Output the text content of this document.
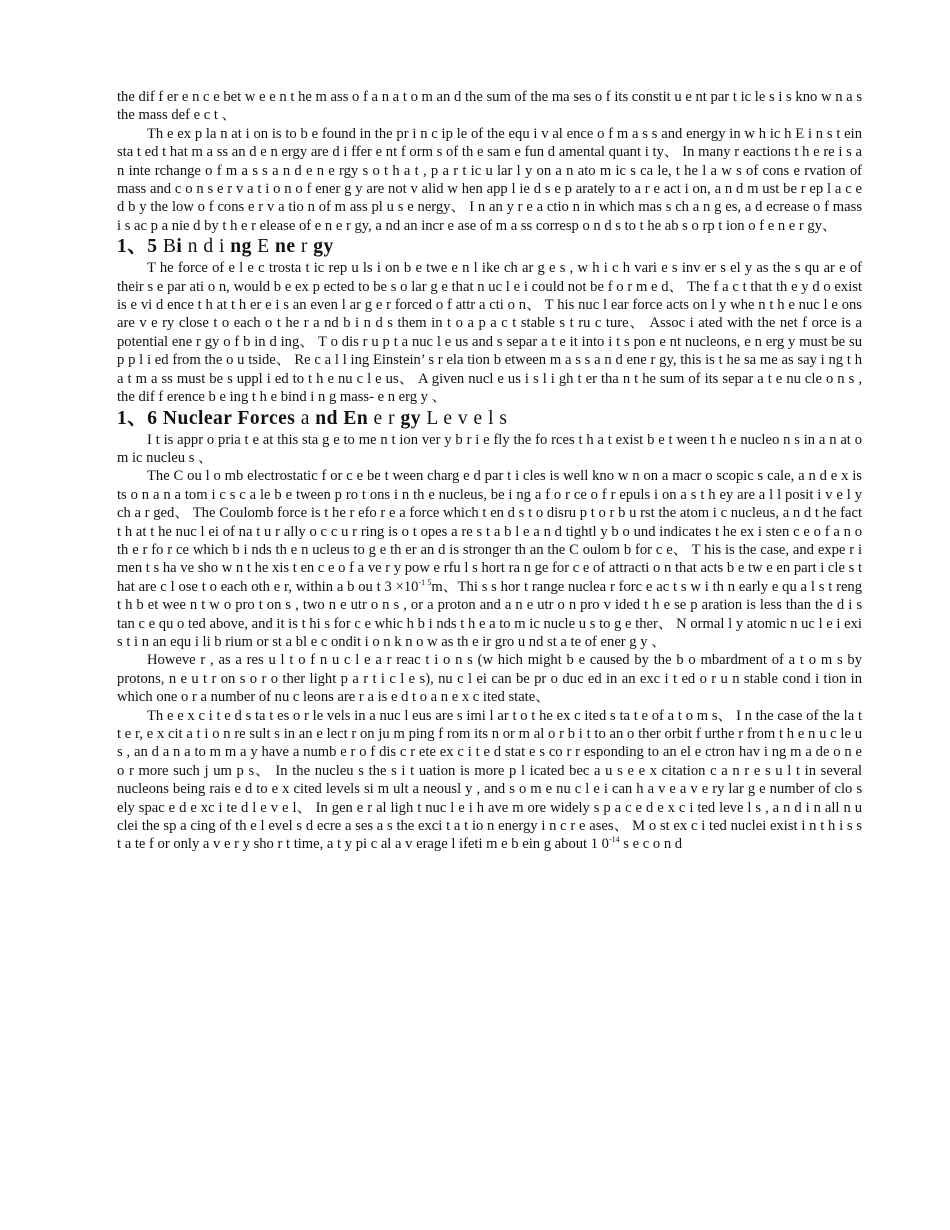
the dif f er e n c e bet w e e n t he m ass o f a n a t o m an d the sum of the ma ses o f its constit u e nt par t ic le s i s kno w n a s the mass def e c t 、

Th e ex p la n at i on is to b e found in the pr i n c ip le of the equ i v al ence o f m a s s and energy in w h ic h E i n s t ein sta t ed t hat m a ss an d e n ergy are d i ffer e nt f orm s of th e sam e fun d amental quant i ty、 In many r eactions t h e re i s a n inte rchange o f m a s s a n d e n e rgy s o t h a t , p a r t ic u lar l y on a n ato m ic s ca le, t he l a w s of cons e rvation of mass and c o n s e r v a t i o n o f ener g y are not v alid w hen app l ie d s e p arately to a r e act i on, a n d m ust be r ep l a c e d b y the low o f cons e r v a tio n of m ass pl u s e nergy、 I n an y r e a ctio n in which mas s ch a n g es, a d ecrease o f mass i s ac p a nie d by t h e r elease of e n e r gy, a nd an incr e ase of m a ss corresp o n d s to t he ab s o rp t ion o f e n e r gy、

1、5 Bi n d i ng E ne r gy

T he force of e l e c trosta t ic rep u ls i on b e twe e n l ike ch ar g e s , w h i c h vari e s inv er s el y as the s qu ar e of their s e par ati o n, would b e ex p ected to be s o lar g e that n uc l e i could not be f o r m e d、 The f a c t that th e y d o exist is e vi d ence t h at t h er e i s an even l ar g e r forced o f attr a cti o n、 T his nuc l ear force acts on l y whe n t h e nuc l e ons are v e ry close t o each o t he r a nd b i n d s them in t o a p a c t stable s t ru c ture、 Assoc i ated with the net f orce is a potential ene r gy o f b in d ing、 T o dis r u p t a nuc l e us and s separ a t e it into i t s pon e nt nucleons, e n erg y must be su p p l i ed from the o u tside、 Re c a l l ing Einstein’ s r ela tion b etween m a s s a n d ene r gy, this is t he sa me as say i ng t h a t m a ss must be s uppl i ed to t h e nu c l e us、 A given nucl e us i s l i gh t er tha n t he sum of its separ a t e nu cle o n s , the dif f erence b e ing t h e bind i n g mass- e n erg y 、

1、6 Nuclear Forces a nd En e r gy L e v e l s

I t is appr o pria t e at this sta g e to me n t ion ver y b r i e fly the fo rces t h a t exist b e t ween t h e nucleo n s in a n at o m ic nucleu s 、

The C ou l o mb electrostatic f or c e be t ween charg e d par t i cles is well kno w n on a macr o scopic s cale, a n d e x is ts o n a n a tom i c s c a le b e tween p ro t ons i n th e nucleus, be i ng a f o r ce o f r epuls i on a s t h ey are a l l posit i v e l y ch a r ged、 The Coulomb force is t he r efo r e a force which t en d s t o disru p t o r b u rst the atom i c nucleus, a n d t he fact t h at t he nuc l ei of na t u r ally o c c u r ring is o t opes a re s t a b l e a n d tightl y b o und indicates t he ex i sten c e o f a n o th e r fo r ce which b i nds th e n ucleus to g e th er an d is stronger th an the C oulom b for c e、 T his is the case, and expe r i men t s ha ve sho w n t he xis t en c e o f a ve r y pow e rfu l s hort ra n ge for c e of attracti o n that acts b e tw e en part i cle s t hat are c l ose t o each oth e r, within a b ou t $3 \times 10^{-1 5}m$、Thi s s hor t range nuclea r forc e ac t s w i th n early e qu a l s t reng t h b et wee n t w o pro t on s , two n e utr o n s , or a proton and a n e utr o n pro v ided t h e se p aration is less than the d i s tan c e qu o ted above, and it is t hi s for c e whic h b i nds t h e a to m ic nucle u s to g e ther、 N ormal l y atomic n uc l e i exi s t i n an equ i li b rium or st a bl e c ondit i o n k n o w as th e ir gro u nd st a te of ener g y 、

Howeve r , as a res u l t o f n u c l e a r reac t i o n s (w hich might b e caused by the b o mbardment of a t o m s by protons, n e u t r on s o r o ther light p a r t i c l e s), nu c l ei can be pr o duc ed in an exc i t ed o r u n stable cond i tion in which one o r a number of nu c leons are r a is e d t o a n e x c ited state、

Th e e x c i t e d s ta t es o r le vels in a nuc l eus are s imi l ar t o t he ex c ited s ta t e of a t o m s、 I n the case of the la t t e r, e x cit a t i o n re sult s in an e lect r on ju m ping f rom its n or m al o r b i t to an o ther orbit f urthe r from t h e n u c le u s , an d a n a to m m a y have a numb e r o f dis c r ete ex c i t e d stat e s co r r esponding to an el e ctron hav i ng m a de o n e o r more such j um p s、 In the nucleu s the s i t uation is more p l icated bec a u s e e x citation c a n r e s u l t in several nucleons being rais e d to e x cited levels si m ult a neousl y , and s o m e nu c l e i can h a v e a v e ry lar g e number of clo s ely spac e d e xc i te d l e v e l、 In gen e r al ligh t nuc l e i h ave m ore widely s p a c e d e x c i ted leve l s , a n d i n all n u clei the sp a cing of th e l evel s d ecre a ses a s the exci t a t io n energy i n c r e ases、 M o st ex c i ted nuclei exist i n t h i s s t a te f or only a v e r y sho r t time, a t y pi c al a v erage l ifeti m e b ein g about 1 $0^{-14}$ s e c o n d
